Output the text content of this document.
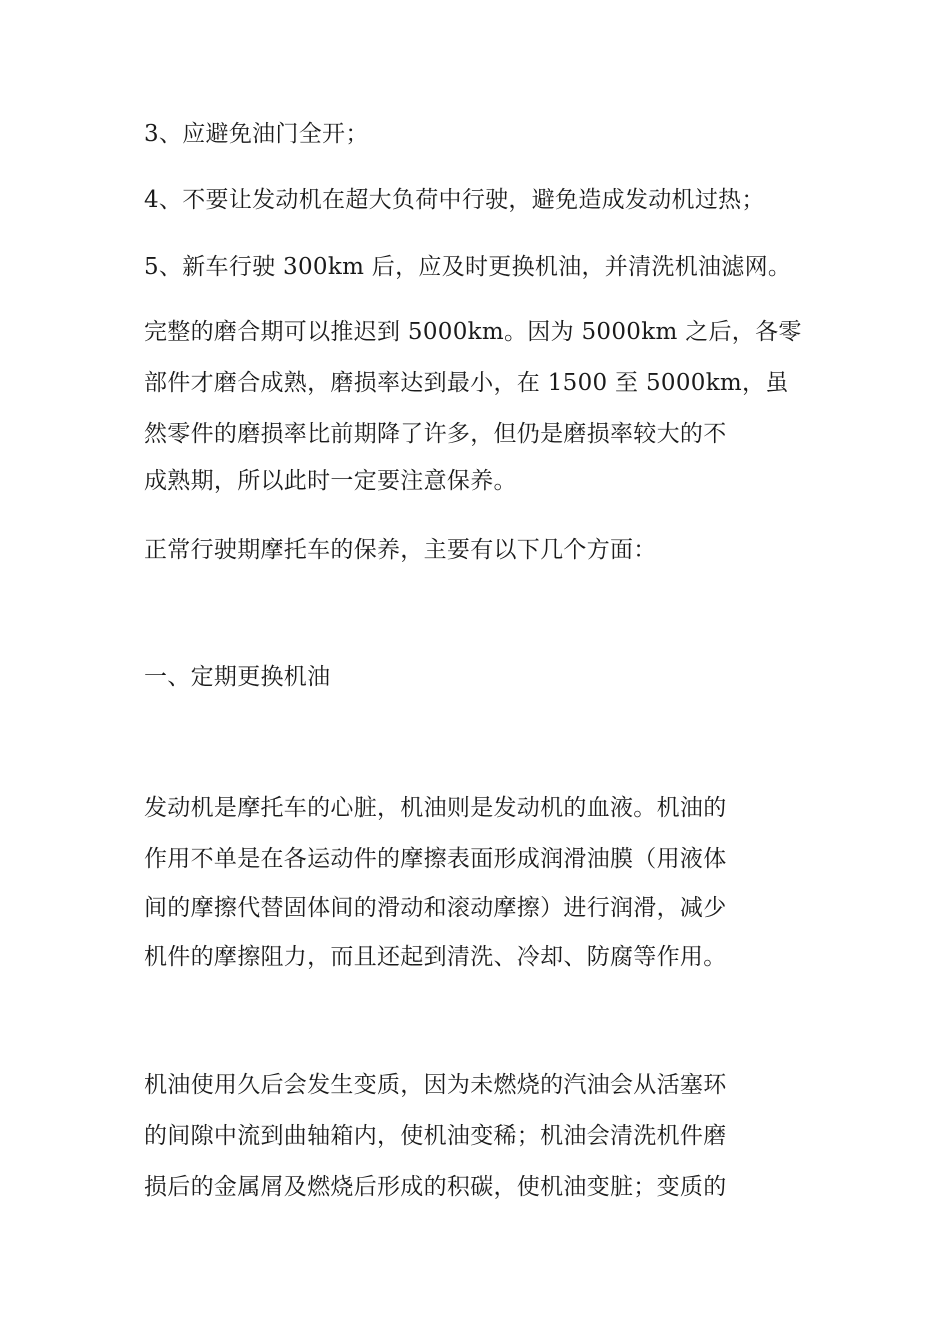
3、应避免油门全开；

4、不要让发动机在超大负荷中行驶，避免造成发动机过热；

5、新车行驶 300km 后，应及时更换机油，并清洗机油滤网。

完整的磨合期可以推迟到 5000km。因为 5000km 之后，各零

部件才磨合成熟，磨损率达到最小，在 1500 至 5000km，虽

然零件的磨损率比前期降了许多，但仍是磨损率较大的不

成熟期，所以此时一定要注意保养。

正常行驶期摩托车的保养，主要有以下几个方面：

一、定期更换机油

发动机是摩托车的心脏，机油则是发动机的血液。机油的

作用不单是在各运动件的摩擦表面形成润滑油膜（用液体

间的摩擦代替固体间的滑动和滚动摩擦）进行润滑，减少

机件的摩擦阻力，而且还起到清洗、冷却、防腐等作用。

机油使用久后会发生变质，因为未燃烧的汽油会从活塞环

的间隙中流到曲轴箱内，使机油变稀；机油会清洗机件磨

损后的金属屑及燃烧后形成的积碳，使机油变脏；变质的
